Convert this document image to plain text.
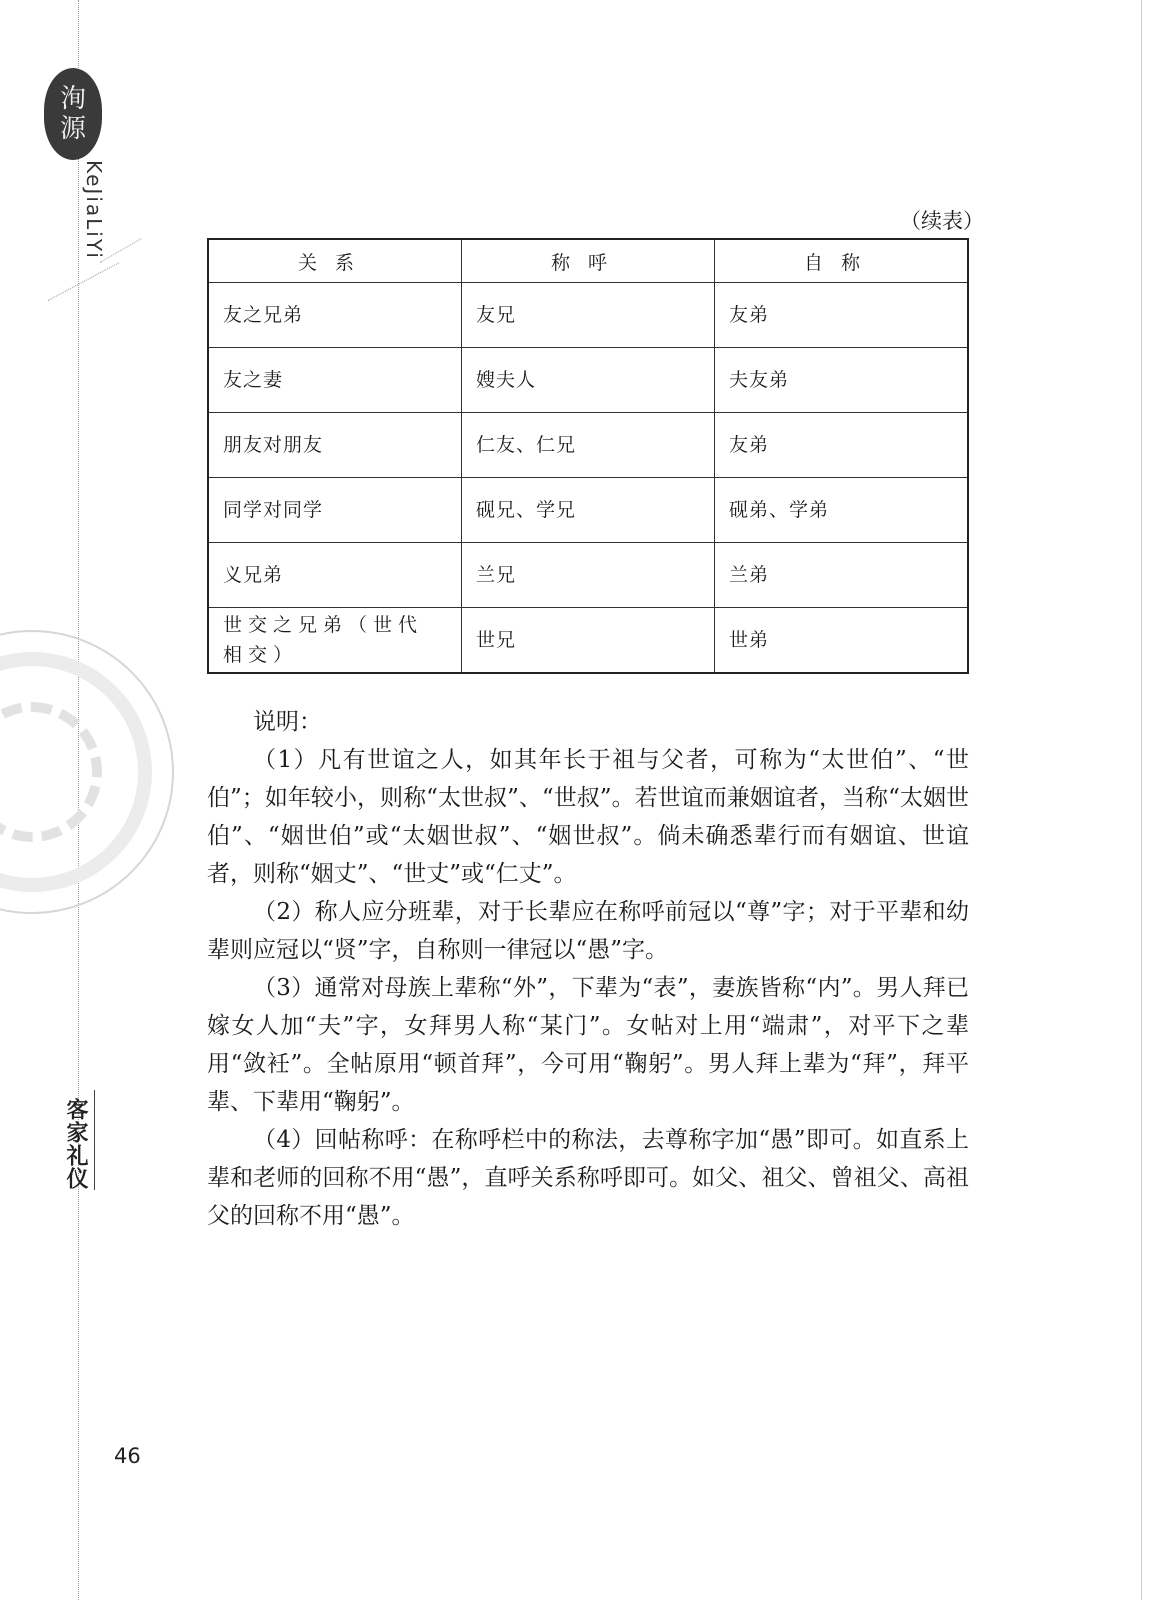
洵
源
KeJiaLiYi
客家礼仪
（续表）
关系	称呼	自称
友之兄弟	友兄	友弟
友之妻	嫂夫人	夫友弟
朋友对朋友	仁友、仁兄	友弟
同学对同学	砚兄、学兄	砚弟、学弟
义兄弟	兰兄	兰弟
世交之兄弟（世代相交）	世兄	世弟

说明：

（1）凡有世谊之人，如其年长于祖与父者，可称为“太世伯”、“世伯”；如年较小，则称“太世叔”、“世叔”。若世谊而兼姻谊者，当称“太姻世伯”、“姻世伯”或“太姻世叔”、“姻世叔”。倘未确悉辈行而有姻谊、世谊者，则称“姻丈”、“世丈”或“仁丈”。

（2）称人应分班辈，对于长辈应在称呼前冠以“尊”字；对于平辈和幼辈则应冠以“贤”字，自称则一律冠以“愚”字。

（3）通常对母族上辈称“外”，下辈为“表”，妻族皆称“内”。男人拜已嫁女人加“夫”字，女拜男人称“某门”。女帖对上用“端肃”，对平下之辈用“敛衽”。全帖原用“顿首拜”，今可用“鞠躬”。男人拜上辈为“拜”，拜平辈、下辈用“鞠躬”。

（4）回帖称呼：在称呼栏中的称法，去尊称字加“愚”即可。如直系上辈和老师的回称不用“愚”，直呼关系称呼即可。如父、祖父、曾祖父、高祖父的回称不用“愚”。

46
